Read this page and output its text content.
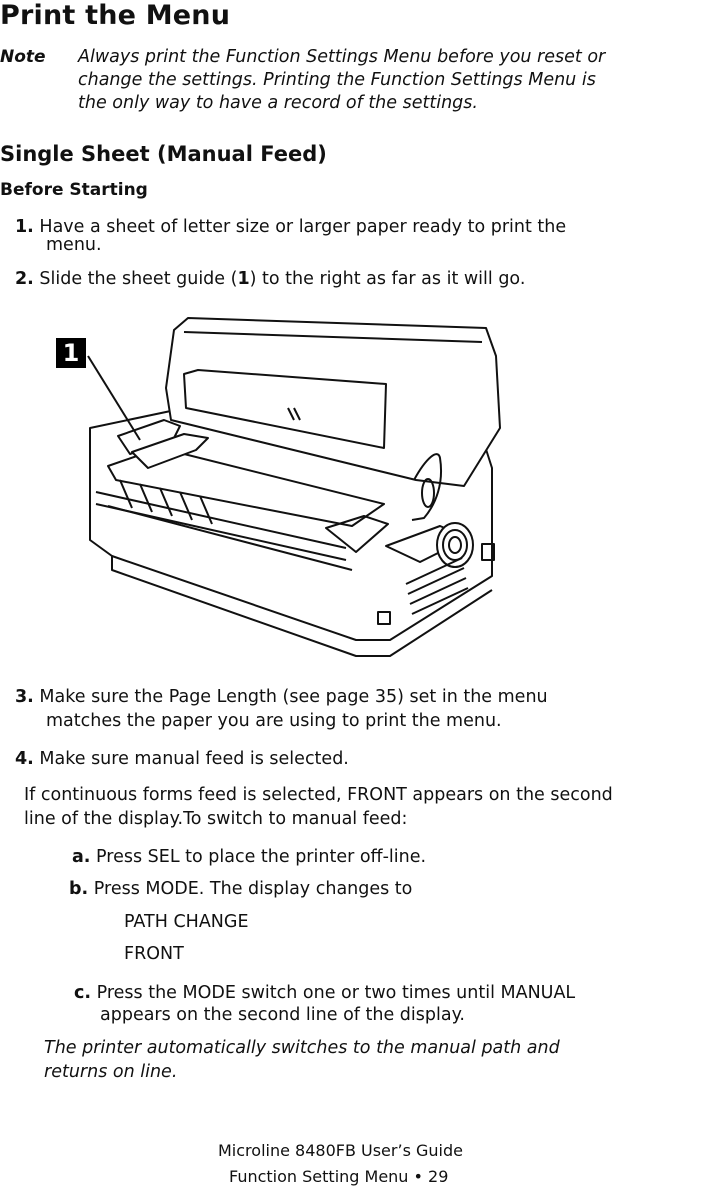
Print the Menu
Note Always print the Function Settings Menu before you reset or
change the settings. Printing the Function Settings Menu is
the only way to have a record of the settings.
Single Sheet (Manual Feed)
Before Starting
1. Have a sheet of letter size or larger paper ready to print the
menu.
2. Slide the sheet guide (1) to the right as far as it will go.
1
3. Make sure the Page Length (see page 35) set in the menu
matches the paper you are using to print the menu.
4. Make sure manual feed is selected.
If continuous forms feed is selected, FRONT appears on the second
line of the display.To switch to manual feed:
a. Press SEL to place the printer off-line.
b. Press MODE. The display changes to
PATH CHANGE
FRONT
c. Press the MODE switch one or two times until MANUAL
appears on the second line of the display.
The printer automatically switches to the manual path and
returns on line.
Microline 8480FB User’s Guide
Function Setting Menu • 29
